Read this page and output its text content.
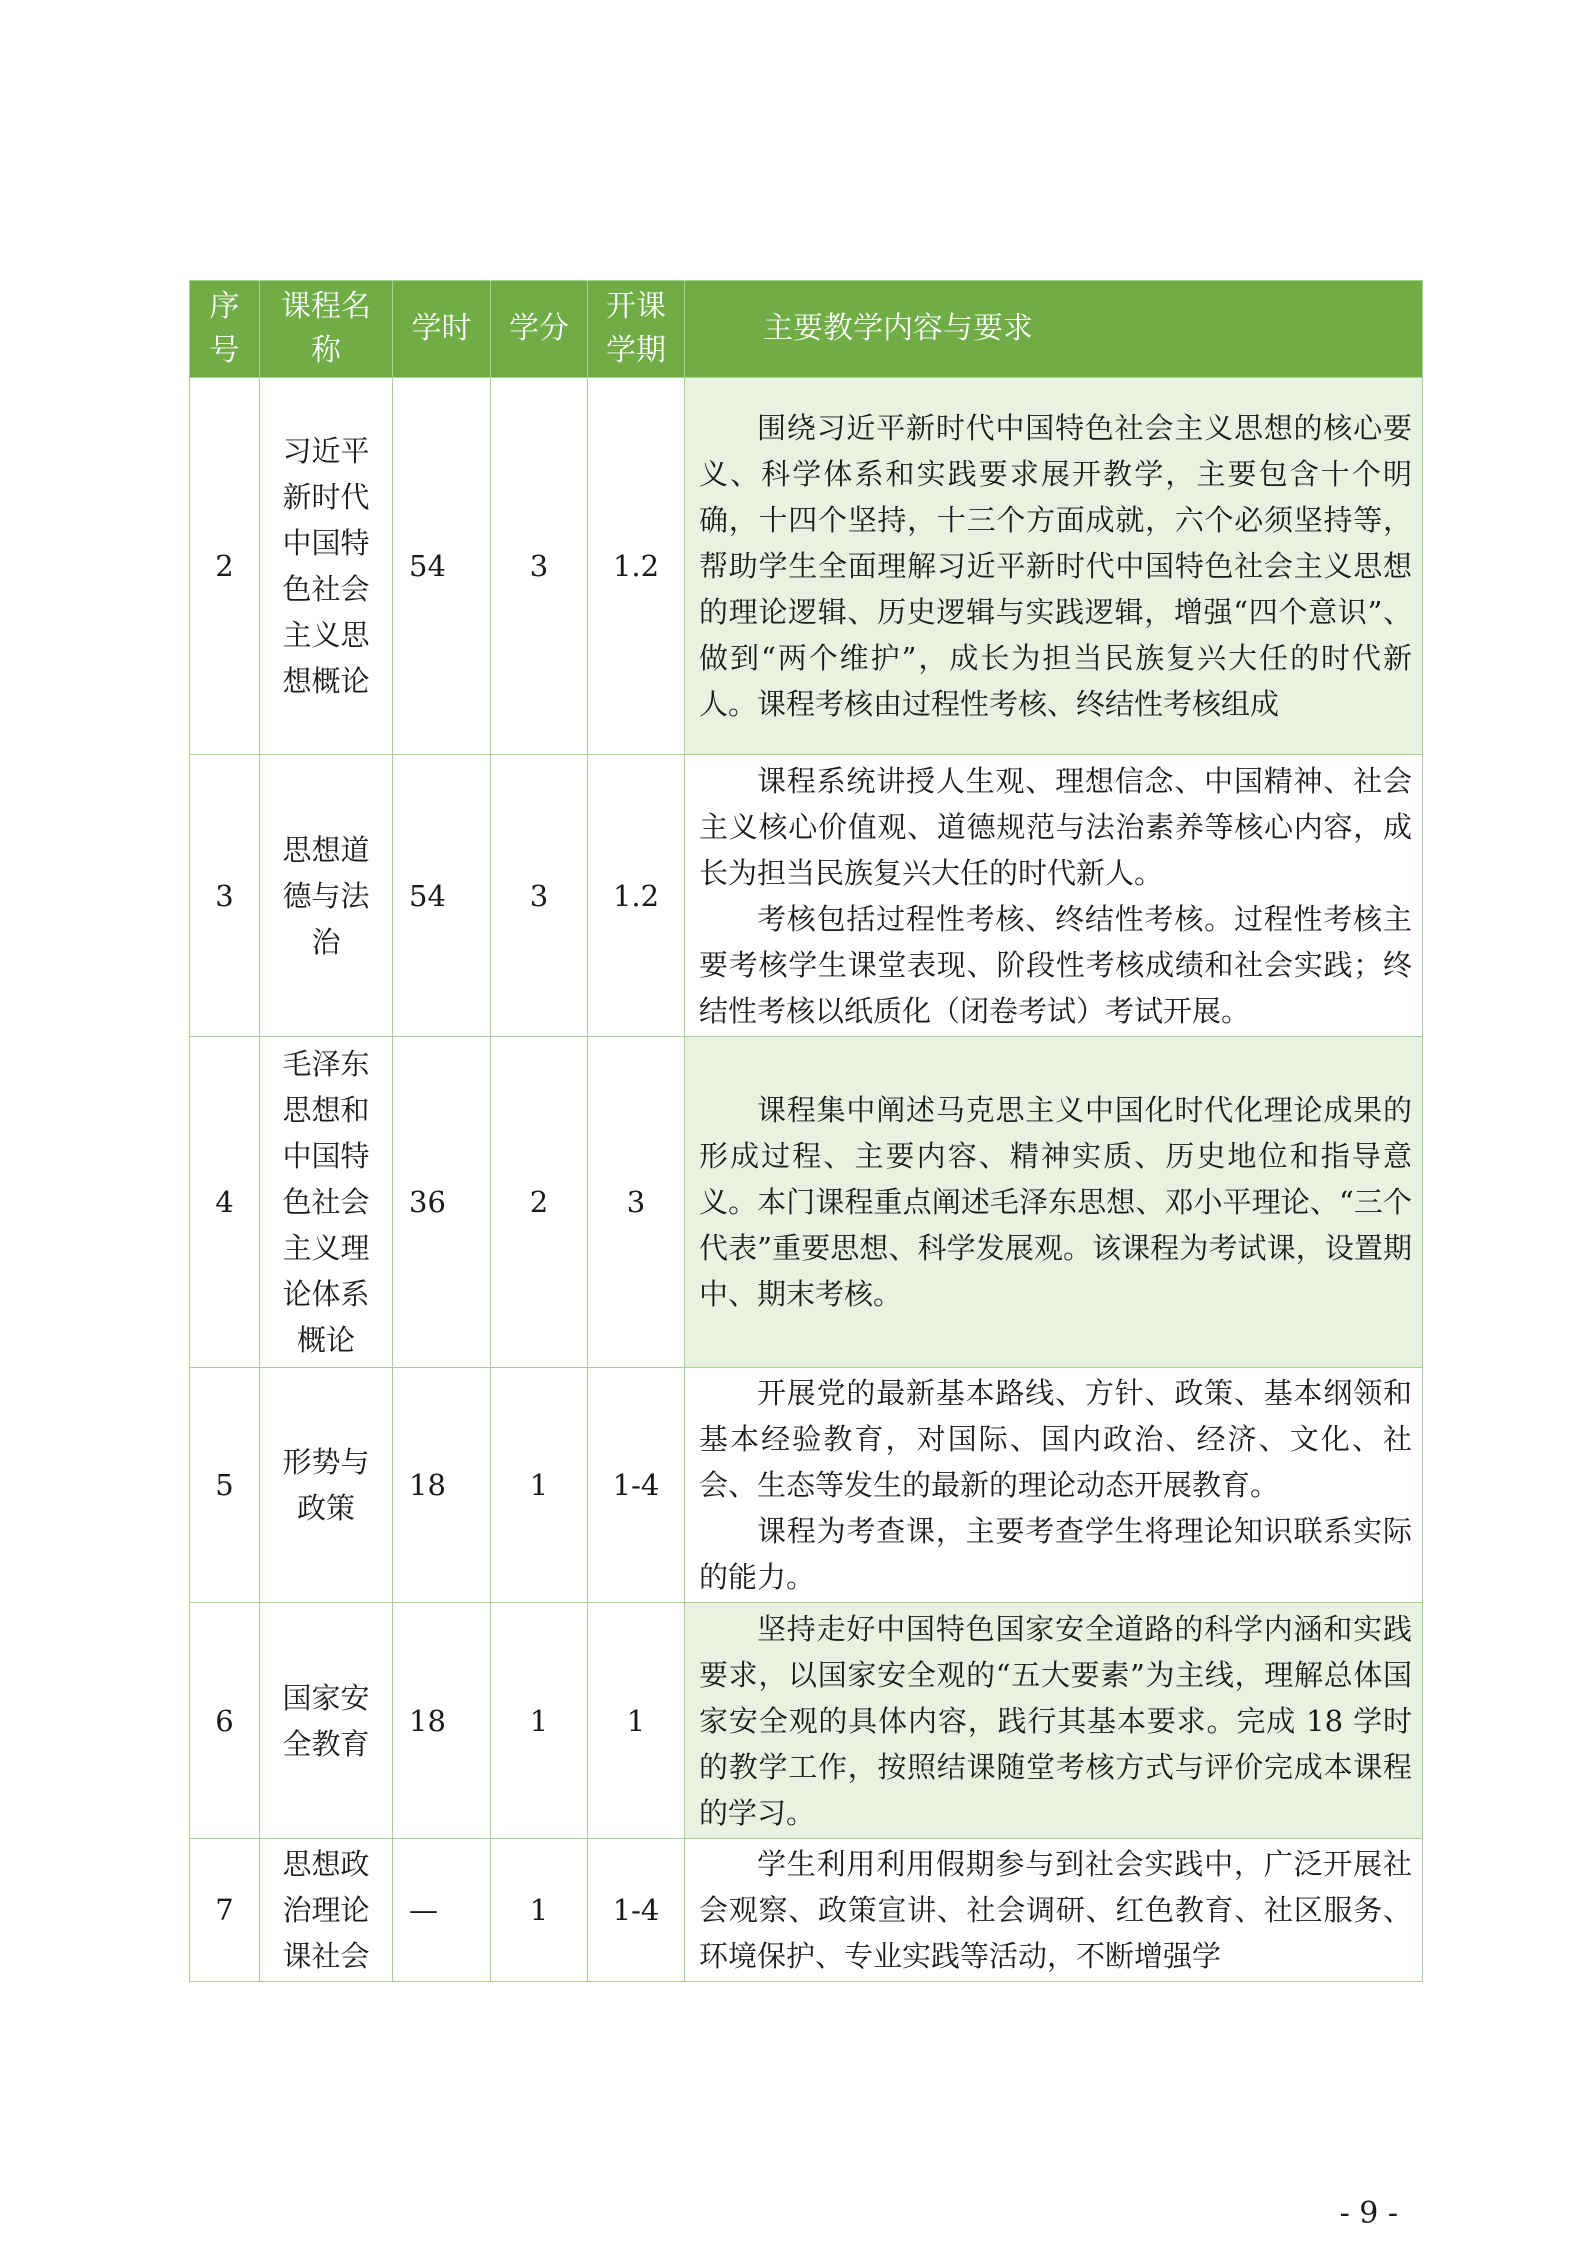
序号	课程名称	学时	学分	开课学期	主要教学内容与要求
2	习近平新时代中国特色社会主义思想概论	54	3	1.2	围绕习近平新时代中国特色社会主义思想的核心要义、科学体系和实践要求展开教学，主要包含十个明确，十四个坚持，十三个方面成就，六个必须坚持等，帮助学生全面理解习近平新时代中国特色社会主义思想的理论逻辑、历史逻辑与实践逻辑，增强“四个意识”、做到“两个维护”，成长为担当民族复兴大任的时代新人。课程考核由过程性考核、终结性考核组成

3	思想道德与法治	54	3	1.2	课程系统讲授人生观、理想信念、中国精神、社会主义核心价值观、道德规范与法治素养等核心内容，成长为担当民族复兴大任的时代新人。

考核包括过程性考核、终结性考核。过程性考核主要考核学生课堂表现、阶段性考核成绩和社会实践；终结性考核以纸质化（闭卷考试）考试开展。

4	毛泽东思想和中国特色社会主义理论体系概论	36	2	3	课程集中阐述马克思主义中国化时代化理论成果的形成过程、主要内容、精神实质、历史地位和指导意义。本门课程重点阐述毛泽东思想、邓小平理论、“三个代表”重要思想、科学发展观。该课程为考试课，设置期中、期末考核。

5	形势与政策	18	1	1-4	开展党的最新基本路线、方针、政策、基本纲领和基本经验教育，对国际、国内政治、经济、文化、社会、生态等发生的最新的理论动态开展教育。

课程为考查课，主要考查学生将理论知识联系实际的能力。

6	国家安全教育	18	1	1	坚持走好中国特色国家安全道路的科学内涵和实践要求，以国家安全观的“五大要素”为主线，理解总体国家安全观的具体内容，践行其基本要求。完成 18 学时的教学工作，按照结课随堂考核方式与评价完成本课程的学习。

7	思想政治理论课社会	—	1	1-4	学生利用利用假期参与到社会实践中，广泛开展社会观察、政策宣讲、社会调研、红色教育、社区服务、环境保护、专业实践等活动，不断增强学

- 9 -
